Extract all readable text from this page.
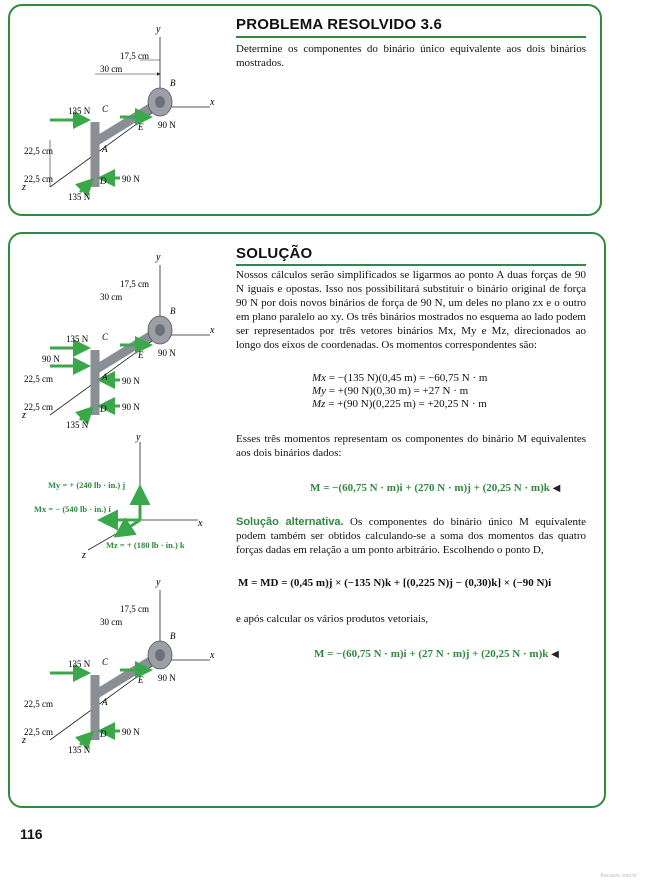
PROBLEMA RESOLVIDO 3.6
Determine os componentes do binário único equivalente aos dois binários mostrados.
y
x
z
17,5 cm
30 cm
22,5 cm
22,5 cm
135 N
135 N
90 N
90 N
A
B
C
D
E
SOLUÇÃO
Nossos cálculos serão simplificados se ligarmos ao ponto A duas forças de 90 N iguais e opostas. Isso nos possibilitará substituir o binário original de força 90 N por dois novos binários de força de 90 N, um deles no plano zx e o outro em plano paralelo ao xy. Os três binários mostrados no esquema ao lado podem ser representados por três vetores binários Mx, My e Mz, direcionados ao longo dos eixos de coordenadas. Os momentos correspondentes são:
Mx = −(135 N)(0,45 m) = −60,75 N · m
My = +(90 N)(0,30 m) = +27 N · m
Mz = +(90 N)(0,225 m) = +20,25 N · m
Esses três momentos representam os componentes do binário M equivalentes aos dois binários dados:
M = −(60,75 N · m)i + (270 N · m)j + (20,25 N · m)k ◀
Solução alternativa. Os componentes do binário único M equivalente podem também ser obtidos calculando-se a soma dos momentos das quatro forças dadas em relação a um ponto arbitrário. Escolhendo o ponto D,
M = MD = (0,45 m)j × (−135 N)k + [(0,225 N)j − (0,30)k] × (−90 N)i
e após calcular os vários produtos vetoriais,
M = −(60,75 N · m)i + (27 N · m)j + (20,25 N · m)k ◀
y
x
z
17,5 cm
30 cm
22,5 cm
22,5 cm
135 N
90 N
135 N
90 N
90 N
90 N
A
B
C
D
E
y
x
z
My = + (240 lb · in.) j
Mx = − (540 lb · in.) i
Mz = + (180 lb · in.) k
y
x
z
17,5 cm
30 cm
22,5 cm
22,5 cm
135 N
135 N
90 N
90 N
A
B
C
D
E
116
fisicaexe.com.br
